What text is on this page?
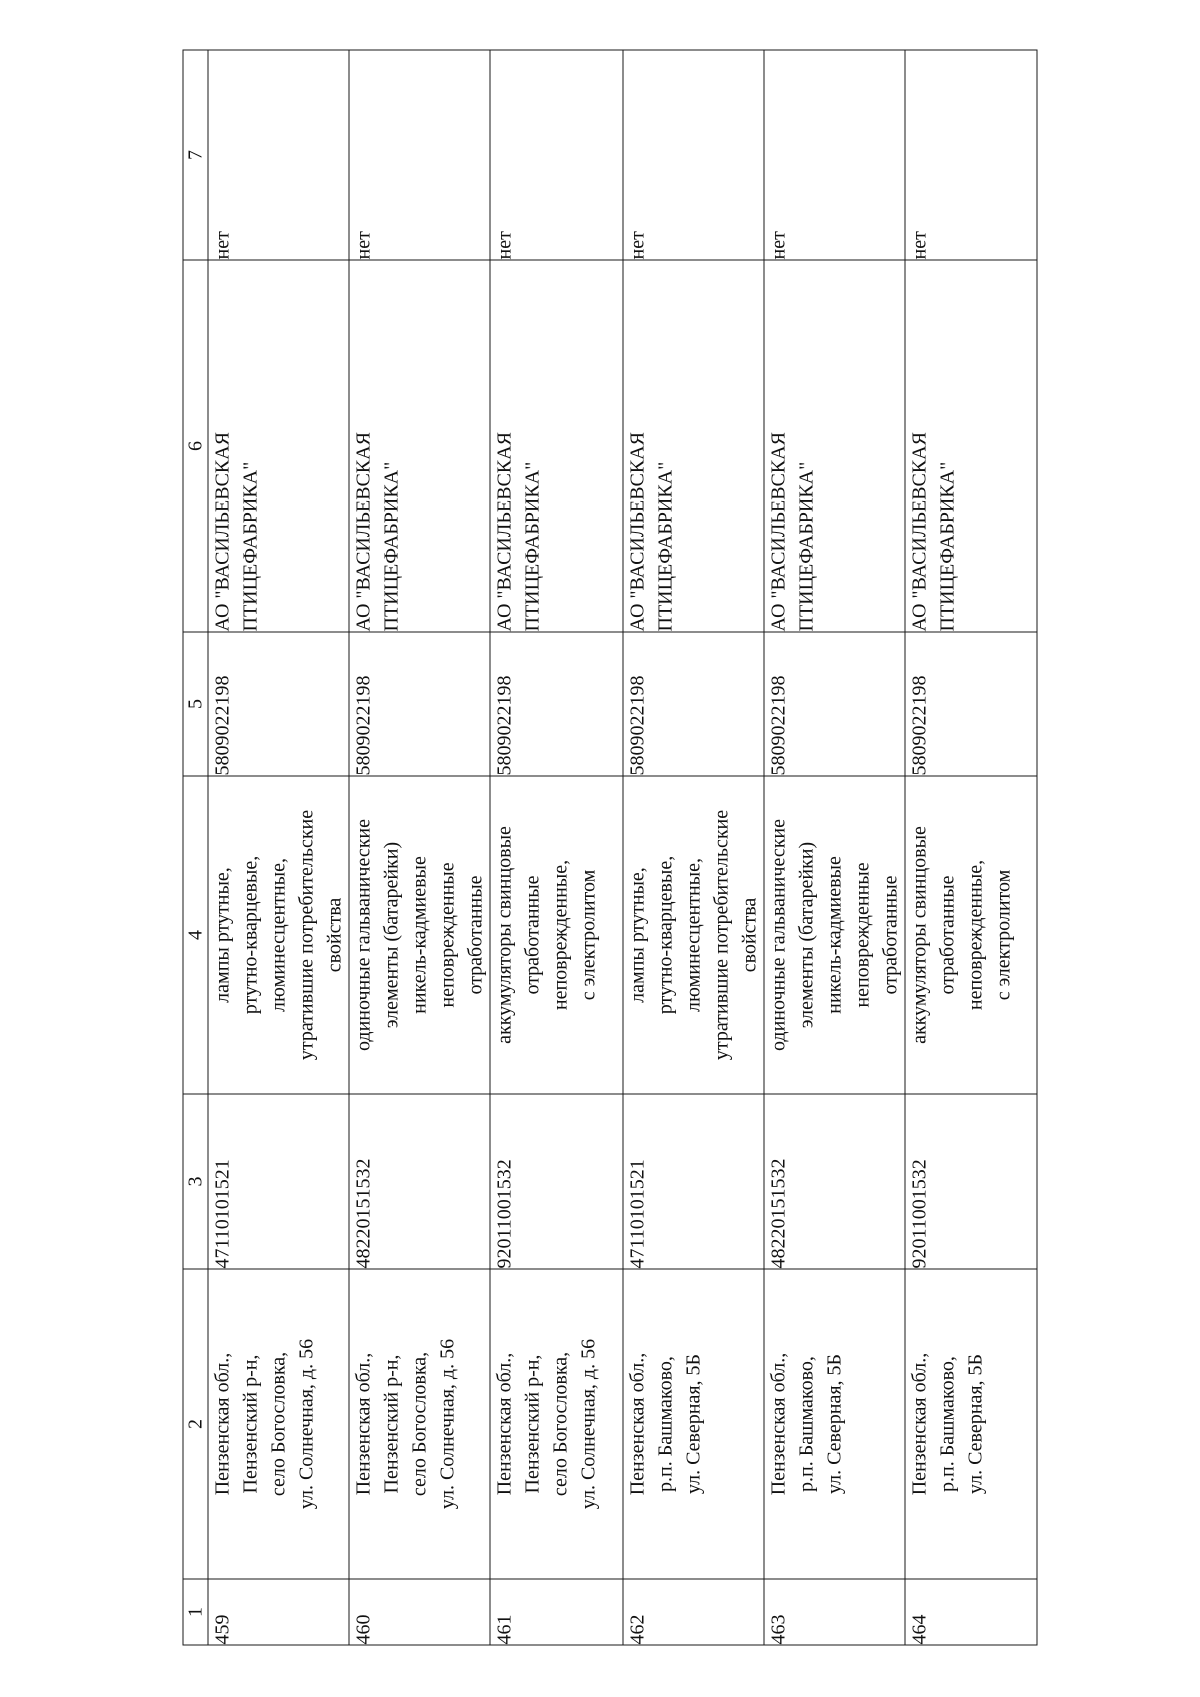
1	2	3	4	5	6	7
459	Пензенская обл., Пензенский р-н, село Богословка, ул. Солнечная, д. 56	47110101521	лампы ртутные, ртутно-кварцевые, люминесцентные, утратившие потребительские свойства	5809022198	АО "ВАСИЛЬЕВСКАЯ ПТИЦЕФАБРИКА"	нет
460	Пензенская обл., Пензенский р-н, село Богословка, ул. Солнечная, д. 56	48220151532	одиночные гальванические элементы (батарейки) никель-кадмиевые неповрежденные отработанные	5809022198	АО "ВАСИЛЬЕВСКАЯ ПТИЦЕФАБРИКА"	нет
461	Пензенская обл., Пензенский р-н, село Богословка, ул. Солнечная, д. 56	92011001532	аккумуляторы свинцовые отработанные неповрежденные, с электролитом	5809022198	АО "ВАСИЛЬЕВСКАЯ ПТИЦЕФАБРИКА"	нет
462	Пензенская обл., р.п. Башмаково, ул. Северная, 5Б	47110101521	лампы ртутные, ртутно-кварцевые, люминесцентные, утратившие потребительские свойства	5809022198	АО "ВАСИЛЬЕВСКАЯ ПТИЦЕФАБРИКА"	нет
463	Пензенская обл., р.п. Башмаково, ул. Северная, 5Б	48220151532	одиночные гальванические элементы (батарейки) никель-кадмиевые неповрежденные отработанные	5809022198	АО "ВАСИЛЬЕВСКАЯ ПТИЦЕФАБРИКА"	нет
464	Пензенская обл., р.п. Башмаково, ул. Северная, 5Б	92011001532	аккумуляторы свинцовые отработанные неповрежденные, с электролитом	5809022198	АО "ВАСИЛЬЕВСКАЯ ПТИЦЕФАБРИКА"	нет
